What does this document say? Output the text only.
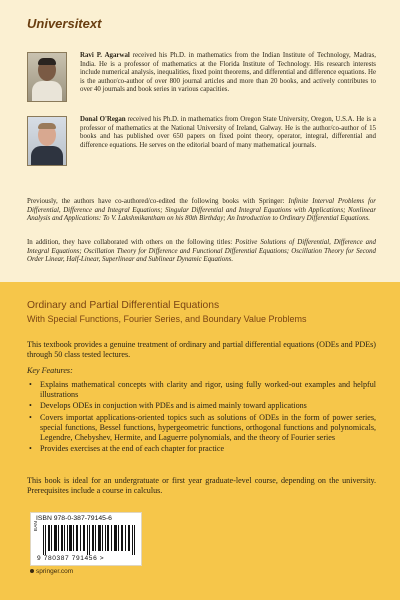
Universitext
Ravi P. Agarwal received his Ph.D. in mathematics from the Indian Institute of Technology, Madras, India. He is a professor of mathematics at the Florida Institute of Technology. His research interests include numerical analysis, inequalities, fixed point theorems, and differential and difference equations. He is the author/co-author of over 800 journal articles and more than 20 books, and actively contributes to over 40 journals and book series in various capacities.
Donal O'Regan received his Ph.D. in mathematics from Oregon State University, Oregon, U.S.A. He is a professor of mathematics at the National University of Ireland, Galway. He is the author/co-author of 15 books and has published over 650 papers on fixed point theory, operator, integral, differential and difference equations. He serves on the editorial board of many mathematical journals.
Previously, the authors have co-authored/co-edited the following books with Springer: Infinite Interval Problems for Differential, Difference and Integral Equations; Singular Differential and Integral Equations with Applications; Nonlinear Analysis and Applications: To V. Lakshmikantham on his 80th Birthday; An Introduction to Ordinary Differential Equations.
In addition, they have collaborated with others on the following titles: Positive Solutions of Differential, Difference and Integral Equations; Oscillation Theory for Difference and Functional Differential Equations; Oscillation Theory for Second Order Linear, Half-Linear, Superlinear and Sublinear Dynamic Equations.
Ordinary and Partial Differential Equations
With Special Functions, Fourier Series, and Boundary Value Problems
This textbook provides a genuine treatment of ordinary and partial differential equations (ODEs and PDEs) through 50 class tested lectures.
Key Features:
• Explains mathematical concepts with clarity and rigor, using fully worked-out examples and helpful illustrations
• Develops ODEs in conjuction with PDEs and is aimed mainly toward applications
• Covers importat applications-oriented topics such as solutions of ODEs in the form of power series, special functions, Bessel functions, hypergeometric functions, orthogonal functions and polynomicals, Legendre, Chebyshev, Hermite, and Laguerre polynomials, and the theory of Fourier series
• Provides exercises at the end of each chapter for practice
This book is ideal for an undergratuate or first year graduate-level course, depending on the university. Prerequisites include a course in calculus.
ISBN 978-0-387-79145-6
EAN
9 780387 791456 >
springer.com
